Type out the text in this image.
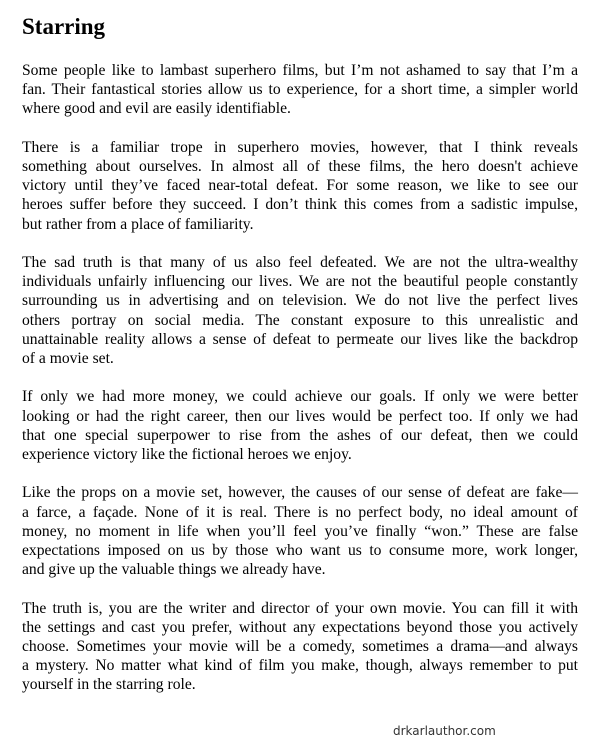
Starring

Some people like to lambast superhero films, but I’m not ashamed to say that I’m a
fan. Their fantastical stories allow us to experience, for a short time, a simpler world
where good and evil are easily identifiable.

There is a familiar trope in superhero movies, however, that I think reveals
something about ourselves. In almost all of these films, the hero doesn't achieve
victory until they’ve faced near-total defeat. For some reason, we like to see our
heroes suffer before they succeed. I don’t think this comes from a sadistic impulse,
but rather from a place of familiarity.

The sad truth is that many of us also feel defeated. We are not the ultra-wealthy
individuals unfairly influencing our lives. We are not the beautiful people constantly
surrounding us in advertising and on television. We do not live the perfect lives
others portray on social media. The constant exposure to this unrealistic and
unattainable reality allows a sense of defeat to permeate our lives like the backdrop
of a movie set.

If only we had more money, we could achieve our goals. If only we were better
looking or had the right career, then our lives would be perfect too. If only we had
that one special superpower to rise from the ashes of our defeat, then we could
experience victory like the fictional heroes we enjoy.

Like the props on a movie set, however, the causes of our sense of defeat are fake—
a farce, a façade. None of it is real. There is no perfect body, no ideal amount of
money, no moment in life when you’ll feel you’ve finally “won.” These are false
expectations imposed on us by those who want us to consume more, work longer,
and give up the valuable things we already have.

The truth is, you are the writer and director of your own movie. You can fill it with
the settings and cast you prefer, without any expectations beyond those you actively
choose. Sometimes your movie will be a comedy, sometimes a drama—and always
a mystery. No matter what kind of film you make, though, always remember to put
yourself in the starring role.

drkarlauthor.com
